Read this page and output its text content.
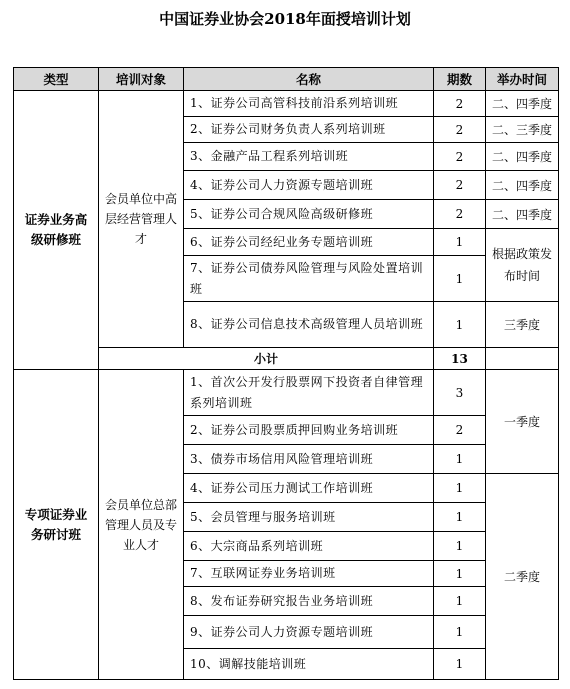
中国证券业协会2018年面授培训计划
类型	培训对象	名称	期数	举办时间
证券业务高级研修班	会员单位中高层经营管理人才	1、证券公司高管科技前沿系列培训班	2	二、四季度
		2、证券公司财务负责人系列培训班	2	二、三季度
		3、金融产品工程系列培训班	2	二、四季度
		4、证券公司人力资源专题培训班	2	二、四季度
		5、证券公司合规风险高级研修班	2	二、四季度
		6、证券公司经纪业务专题培训班	1	根据政策发布时间
		7、证券公司债券风险管理与风险处置培训班	1	
		8、证券公司信息技术高级管理人员培训班	1	三季度
	小计		13	
专项证券业务研讨班	会员单位总部管理人员及专业人才	1、首次公开发行股票网下投资者自律管理系列培训班	3	一季度
		2、证券公司股票质押回购业务培训班	2	
		3、债券市场信用风险管理培训班	1	
		4、证券公司压力测试工作培训班	1	二季度
		5、会员管理与服务培训班	1	
		6、大宗商品系列培训班	1	
		7、互联网证券业务培训班	1	
		8、发布证券研究报告业务培训班	1	
		9、证券公司人力资源专题培训班	1	
		10、调解技能培训班	1	
